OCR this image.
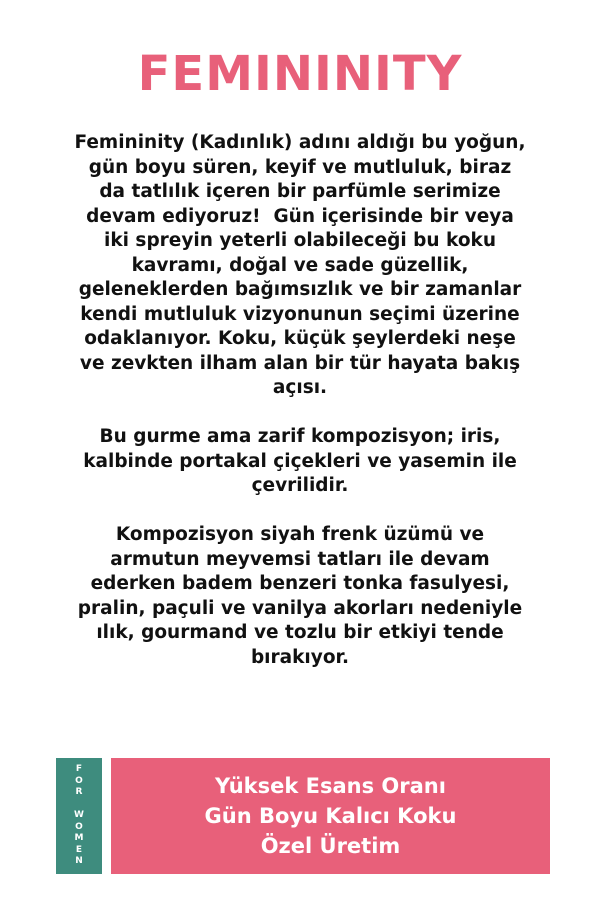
FEMININITY

Femininity (Kadınlık) adını aldığı bu yoğun,
gün boyu süren, keyif ve mutluluk, biraz
da tatlılık içeren bir parfümle serimize
devam ediyoruz!  Gün içerisinde bir veya
iki spreyin yeterli olabileceği bu koku
kavramı, doğal ve sade güzellik,
geleneklerden bağımsızlık ve bir zamanlar
kendi mutluluk vizyonunun seçimi üzerine
odaklanıyor. Koku, küçük şeylerdeki neşe
ve zevkten ilham alan bir tür hayata bakış
açısı.

Bu gurme ama zarif kompozisyon; iris,
kalbinde portakal çiçekleri ve yasemin ile
çevrilidir.

Kompozisyon siyah frenk üzümü ve
armutun meyvemsi tatları ile devam
ederken badem benzeri tonka fasulyesi,
pralin, paçuli ve vanilya akorları nedeniyle
ılık, gourmand ve tozlu bir etkiyi tende
bırakıyor.

F
O
R
W
O
M
E
N
Yüksek Esans Oranı
Gün Boyu Kalıcı Koku
Özel Üretim
